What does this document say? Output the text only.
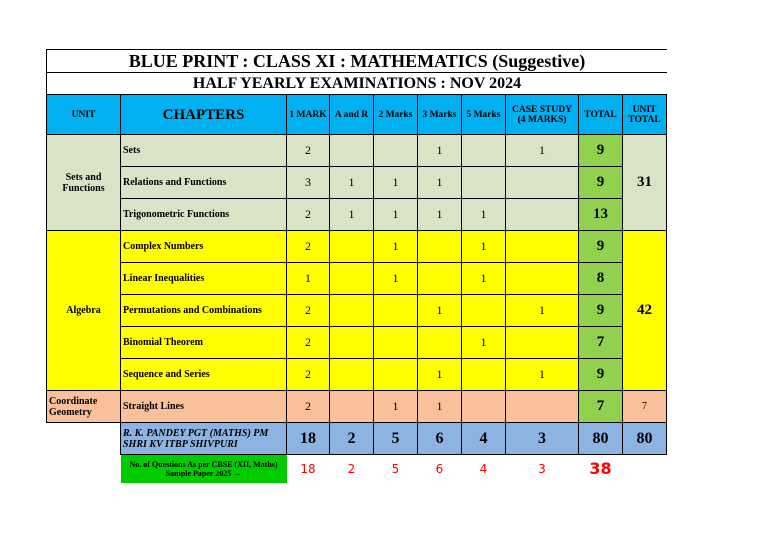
BLUE PRINT : CLASS XI : MATHEMATICS (Suggestive)
HALF YEARLY EXAMINATIONS : NOV 2024
UNIT	CHAPTERS	1 MARK	A and R	2 Marks	3 Marks	5 Marks	CASE STUDY (4 MARKS)	TOTAL	UNIT TOTAL
Sets and Functions	Sets	2			1		1	9	31
	Relations and Functions	3	1	1	1			9	
	Trigonometric Functions	2	1	1	1	1		13	
Algebra	Complex Numbers	2		1		1		9	42
	Linear Inequalities	1		1		1		8	
	Permutations and Combinations	2			1		1	9	
	Binomial Theorem	2				1		7	
	Sequence and Series	2			1		1	9	
Coordinate Geometry	Straight Lines	2		1	1			7	7
	R. K. PANDEY PGT (MATHS) PM SHRI KV ITBP SHIVPURI	18	2	5	6	4	3	80	80
	No. of Questions As per CBSE (XII, Maths) Sample Paper 2025 →	18	2	5	6	4	3	38	
